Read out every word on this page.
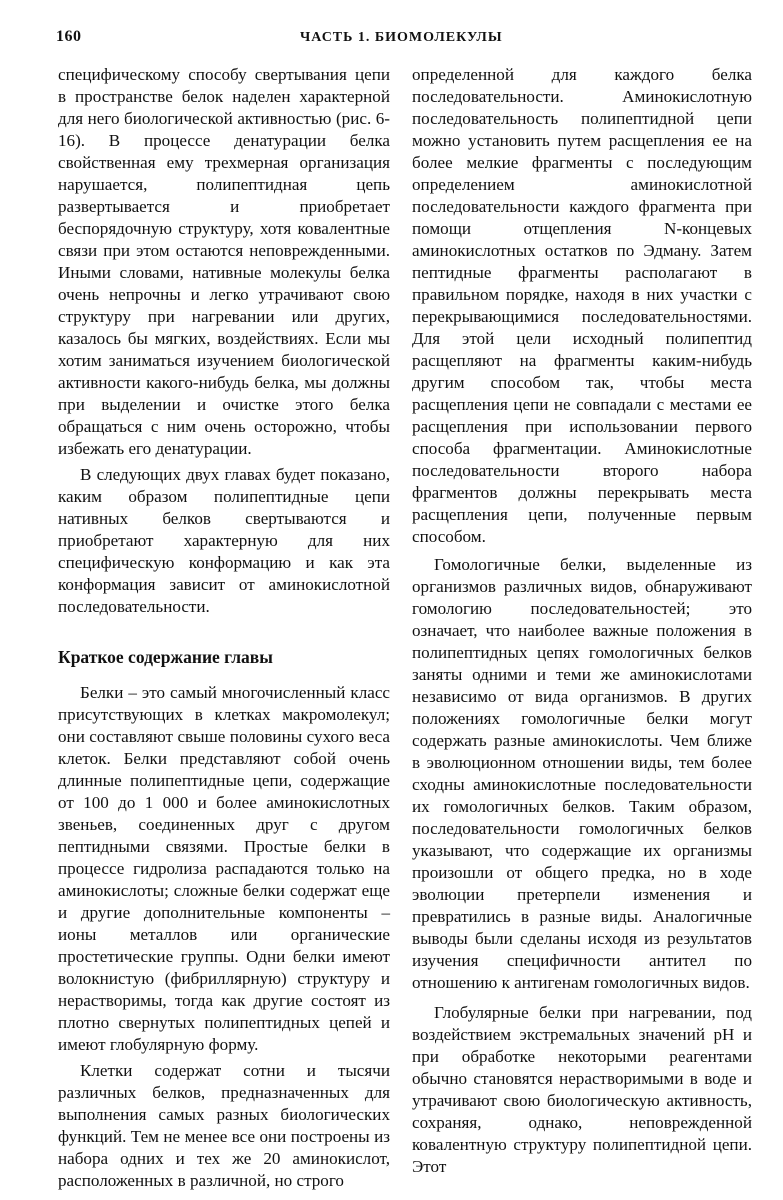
160	ЧАСТЬ 1. БИОМОЛЕКУЛЫ

специфическому способу свертывания цепи в пространстве белок наделен характерной для него биологической активностью (рис. 6-16). В процессе денатурации белка свойственная ему трехмерная организация нарушается, полипептидная цепь развертывается и приобретает беспорядочную структуру, хотя ковалентные связи при этом остаются неповрежденными. Иными словами, нативные молекулы белка очень непрочны и легко утрачивают свою структуру при нагревании или других, казалось бы мягких, воздействиях. Если мы хотим заниматься изучением биологической активности какого-нибудь белка, мы должны при выделении и очистке этого белка обращаться с ним очень осторожно, чтобы избежать его денатурации.

В следующих двух главах будет показано, каким образом полипептидные цепи нативных белков свертываются и приобретают характерную для них специфическую конформацию и как эта конформация зависит от аминокислотной последовательности.

Краткое содержание главы

Белки – это самый многочисленный класс присутствующих в клетках макромолекул; они составляют свыше половины сухого веса клеток. Белки представляют собой очень длинные полипептидные цепи, содержащие от 100 до 1 000 и более аминокислотных звеньев, соединенных друг с другом пептидными связями. Простые белки в процессе гидролиза распадаются только на аминокислоты; сложные белки содержат еще и другие дополнительные компоненты – ионы металлов или органические простетические группы. Одни белки имеют волокнистую (фибриллярную) структуру и нерастворимы, тогда как другие состоят из плотно свернутых полипептидных цепей и имеют глобулярную форму.

Клетки содержат сотни и тысячи различных белков, предназначенных для выполнения самых разных биологических функций. Тем не менее все они построены из набора одних и тех же 20 аминокислот, расположенных в различной, но строго

определенной для каждого белка последовательности. Аминокислотную последовательность полипептидной цепи можно установить путем расщепления ее на более мелкие фрагменты с последующим определением аминокислотной последовательности каждого фрагмента при помощи отщепления N-концевых аминокислотных остатков по Эдману. Затем пептидные фрагменты располагают в правильном порядке, находя в них участки с перекрывающимися последовательностями. Для этой цели исходный полипептид расщепляют на фрагменты каким-нибудь другим способом так, чтобы места расщепления цепи не совпадали с местами ее расщепления при использовании первого способа фрагментации. Аминокислотные последовательности второго набора фрагментов должны перекрывать места расщепления цепи, полученные первым способом.

Гомологичные белки, выделенные из организмов различных видов, обнаруживают гомологию последовательностей; это означает, что наиболее важные положения в полипептидных цепях гомологичных белков заняты одними и теми же аминокислотами независимо от вида организмов. В других положениях гомологичные белки могут содержать разные аминокислоты. Чем ближе в эволюционном отношении виды, тем более сходны аминокислотные последовательности их гомологичных белков. Таким образом, последовательности гомологичных белков указывают, что содержащие их организмы произошли от общего предка, но в ходе эволюции претерпели изменения и превратились в разные виды. Аналогичные выводы были сделаны исходя из результатов изучения специфичности антител по отношению к антигенам гомологичных видов.

Глобулярные белки при нагревании, под воздействием экстремальных значений pH и при обработке некоторыми реагентами обычно становятся нерастворимыми в воде и утрачивают свою биологическую активность, сохраняя, однако, неповрежденной ковалентную структуру полипептидной цепи. Этот
